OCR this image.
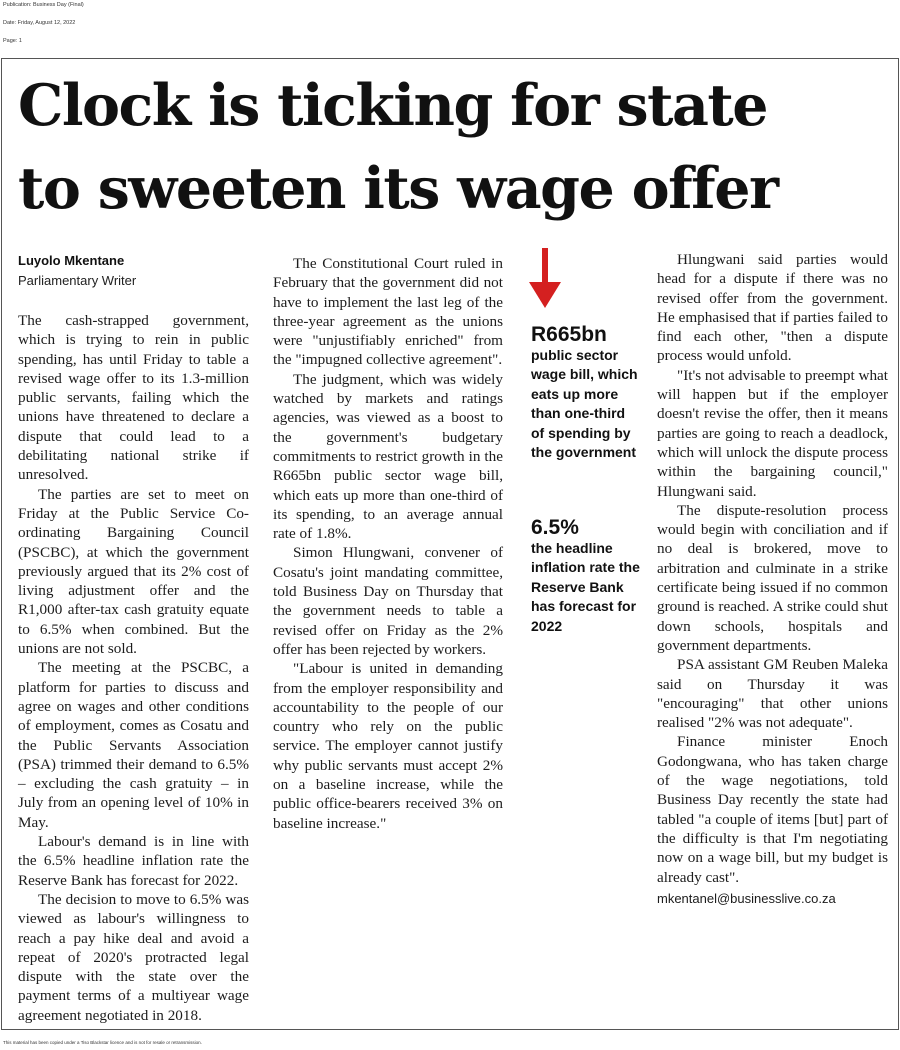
Publication: Business Day (Final)
Date: Friday, August 12, 2022
Page: 1
Clock is ticking for state
to sweeten its wage offer
Luyolo Mkentane
Parliamentary Writer

The cash-strapped government, which is trying to rein in public spending, has until Friday to table a revised wage offer to its 1.3-million public servants, failing which the unions have threatened to declare a dispute that could lead to a debilitating national strike if unresolved.

The parties are set to meet on Friday at the Public Service Co-ordinating Bargaining Council (PSCBC), at which the government previously argued that its 2% cost of living adjustment offer and the R1,000 after-tax cash gratuity equate to 6.5% when combined. But the unions are not sold.

The meeting at the PSCBC, a platform for parties to discuss and agree on wages and other conditions of employment, comes as Cosatu and the Public Servants Association (PSA) trimmed their demand to 6.5% – excluding the cash gratuity – in July from an opening level of 10% in May.

Labour's demand is in line with the 6.5% headline inflation rate the Reserve Bank has forecast for 2022.

The decision to move to 6.5% was viewed as labour's willingness to reach a pay hike deal and avoid a repeat of 2020's protracted legal dispute with the state over the payment terms of a multiyear wage agreement negotiated in 2018.

The Constitutional Court ruled in February that the government did not have to implement the last leg of the three-year agreement as the unions were "unjustifiably enriched" from the "impugned collective agreement".

The judgment, which was widely watched by markets and ratings agencies, was viewed as a boost to the government's budgetary commitments to restrict growth in the R665bn public sector wage bill, which eats up more than one-third of its spending, to an average annual rate of 1.8%.

Simon Hlungwani, convener of Cosatu's joint mandating committee, told Business Day on Thursday that the government needs to table a revised offer on Friday as the 2% offer has been rejected by workers.

"Labour is united in demanding from the employer responsibility and accountability to the people of our country who rely on the public service. The employer cannot justify why public servants must accept 2% on a baseline increase, while the public office-bearers received 3% on baseline increase."

R665bn
public sector wage bill, which eats up more than one-third of spending by the government
6.5%
the headline inflation rate the Reserve Bank has forecast for 2022

Hlungwani said parties would head for a dispute if there was no revised offer from the government. He emphasised that if parties failed to find each other, "then a dispute process would unfold.

"It's not advisable to preempt what will happen but if the employer doesn't revise the offer, then it means parties are going to reach a deadlock, which will unlock the dispute process within the bargaining council," Hlungwani said.

The dispute-resolution process would begin with conciliation and if no deal is brokered, move to arbitration and culminate in a strike certificate being issued if no common ground is reached. A strike could shut down schools, hospitals and government departments.

PSA assistant GM Reuben Maleka said on Thursday it was "encouraging" that other unions realised "2% was not adequate".

Finance minister Enoch Godongwana, who has taken charge of the wage negotiations, told Business Day recently the state had tabled "a couple of items [but] part of the difficulty is that I'm negotiating now on a wage bill, but my budget is already cast".

mkentanel@businesslive.co.za

This material has been copied under a Tiso Blackstar licence and is not for resale or retransmission.
